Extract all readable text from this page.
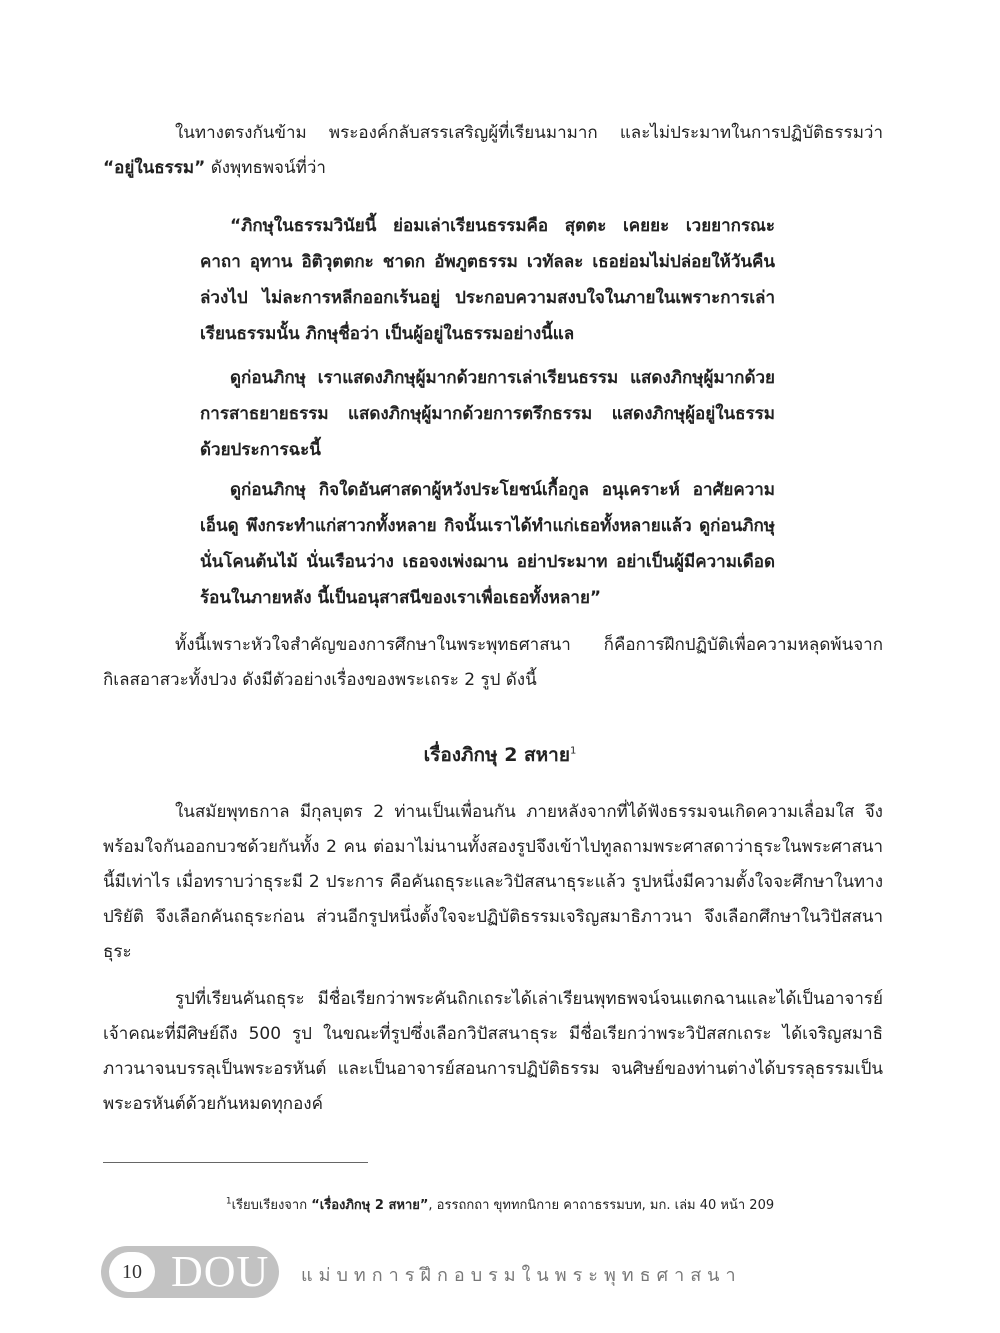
ในทางตรงกันข้าม พระองค์กลับสรรเสริญผู้ที่เรียนมามาก และไม่ประมาทในการปฏิบัติธรรมว่า “อยู่ในธรรม” ดังพุทธพจน์ที่ว่า

“ภิกษุในธรรมวินัยนี้ ย่อมเล่าเรียนธรรมคือ สุตตะ เคยยะ เวยยากรณะ คาถา อุทาน อิติวุตตกะ ชาดก อัพภูตธรรม เวทัลละ เธอย่อมไม่ปล่อยให้วันคืนล่วงไป ไม่ละการหลีกออกเร้นอยู่ ประกอบความสงบใจในภายในเพราะการเล่าเรียนธรรมนั้น ภิกษุชื่อว่า เป็นผู้อยู่ในธรรมอย่างนี้แล

ดูก่อนภิกษุ เราแสดงภิกษุผู้มากด้วยการเล่าเรียนธรรม แสดงภิกษุผู้มากด้วยการสาธยายธรรม แสดงภิกษุผู้มากด้วยการตรึกธรรม แสดงภิกษุผู้อยู่ในธรรมด้วยประการฉะนี้

ดูก่อนภิกษุ กิจใดอันศาสดาผู้หวังประโยชน์เกื้อกูล อนุเคราะห์ อาศัยความเอ็นดู พึงกระทำแก่สาวกทั้งหลาย กิจนั้นเราได้ทำแก่เธอทั้งหลายแล้ว ดูก่อนภิกษุ นั่นโคนต้นไม้ นั่นเรือนว่าง เธอจงเพ่งฌาน อย่าประมาท อย่าเป็นผู้มีความเดือดร้อนในภายหลัง นี้เป็นอนุสาสนีของเราเพื่อเธอทั้งหลาย”

ทั้งนี้เพราะหัวใจสำคัญของการศึกษาในพระพุทธศาสนา ก็คือการฝึกปฏิบัติเพื่อความหลุดพ้นจากกิเลสอาสวะทั้งปวง ดังมีตัวอย่างเรื่องของพระเถระ 2 รูป ดังนี้

เรื่องภิกษุ 2 สหาย$^1$

ในสมัยพุทธกาล มีกุลบุตร 2 ท่านเป็นเพื่อนกัน ภายหลังจากที่ได้ฟังธรรมจนเกิดความเลื่อมใส จึงพร้อมใจกันออกบวชด้วยกันทั้ง 2 คน ต่อมาไม่นานทั้งสองรูปจึงเข้าไปทูลถามพระศาสดาว่าธุระในพระศาสนานี้มีเท่าไร เมื่อทราบว่าธุระมี 2 ประการ คือคันถธุระและวิปัสสนาธุระแล้ว รูปหนึ่งมีความตั้งใจจะศึกษาในทางปริยัติ จึงเลือกคันถธุระก่อน ส่วนอีกรูปหนึ่งตั้งใจจะปฏิบัติธรรมเจริญสมาธิภาวนา จึงเลือกศึกษาในวิปัสสนาธุระ

รูปที่เรียนคันถธุระ มีชื่อเรียกว่าพระคันถิกเถระได้เล่าเรียนพุทธพจน์จนแตกฉานและได้เป็นอาจารย์เจ้าคณะที่มีศิษย์ถึง 500 รูป ในขณะที่รูปซึ่งเลือกวิปัสสนาธุระ มีชื่อเรียกว่าพระวิปัสสกเถระ ได้เจริญสมาธิภาวนาจนบรรลุเป็นพระอรหันต์ และเป็นอาจารย์สอนการปฏิบัติธรรม จนศิษย์ของท่านต่างได้บรรลุธรรมเป็นพระอรหันต์ด้วยกันหมดทุกองค์

$^1$เรียบเรียงจาก “เรื่องภิกษุ 2 สหาย”, อรรถกถา ขุททกนิกาย คาถาธรรมบท, มก. เล่ม 40 หน้า 209

10 DOU แม่บทการฝึกอบรมในพระพุทธศาสนา
